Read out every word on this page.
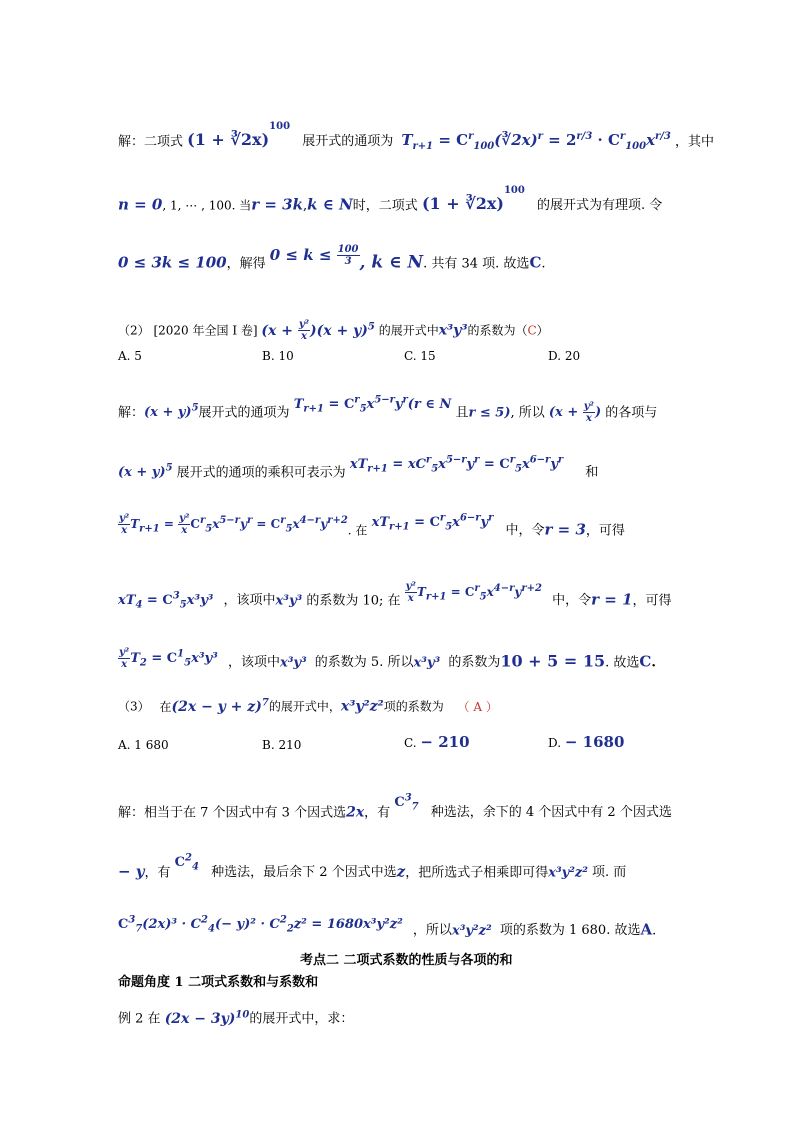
解：二项式 (1 + ∛2x)$^{100}$ 展开式的通项为 $T_{r+1}$ = $C^r_{100}(∛2x)^r = 2^{r/3} \cdot C^r_{100}x^{r/3}$ ，其中
n = 0, 1, ⋯ , 100. 当r = 3k,k ∈ N时，二项式 (1 + ∛2x)$^{100}$ 的展开式为有理项. 令
0 ≤ 3k ≤ 100，解得 $0 \le k \le \frac{100}{3}$ , k ∈ N. 共有 34 项. 故选C.
（2） [2020 年全国 I 卷] $(x + \frac{\text{y²}}{x} )(x + y)^5$ 的展开式中x³y³的系数为（C）
A. 5	B. 10	C. 15	D. 20
解：$(x + y)^5$展开式的通项为 $T_{r+1} = C^r_5x^{5-r}y^r(r$ ∈ N 且r ≤ 5), 所以 ($x + \frac{\text{y²}}{x}$ ) 的各项与
$(x + y)^5$ 展开式的通项的乘积可表示为 $xT_{r+1} = xC^r_5x^{5-r}y^r = C^r_5x^{6-r}y^r$ 和
$\frac{\text{y²}}{x} T_{r+1} = \frac{\text{y²}}{x} C^r_5x^{5-r}y^r = C^r_5x^{4-r}y^{r+2}$. 在 $xT_{r+1} = C^r_5x^{6-r}y^r$ 中，令r = 3，可得
$xT_4 = C^3_5x^3y^3$ ，该项中x³y³ 的系数为 10; 在 $\frac{\text{y²}}{x} T_{r+1} = C^r_5x^{4-r}y^{r+2}$ 中，令r = 1，可得
$\frac{\text{y²}}{x} T_2 = C^1_5x^3y^3$ ，该项中x³y³ 的系数为 5. 所以x³y³ 的系数为10 + 5 = 15. 故选C.
（3） 在$(2x - y + z)^7$的展开式中，x³y²z²项的系数为 （ A ）
A. 1 680	B. 210	C. − 210	D. − 1680
解：相当于在 7 个因式中有 3 个因式选2x，有 $C^3_7$ 种选法，余下的 4 个因式中有 2 个因式选
− y，有 $C^2_4$ 种选法，最后余下 2 个因式中选z，把所选式子相乘即可得x³y²z² 项. 而
$C^3_7(2x)^3 \cdot C^2_4(- y)^2 \cdot C^2_2z^2 = 1680x^3y^2z^2$ ，所以x³y²z² 项的系数为 1 680. 故选A.
考点二 二项式系数的性质与各项的和
命题角度 1 二项式系数和与系数和
例 2 在 $(2x - 3y)^{10}$的展开式中，求：
